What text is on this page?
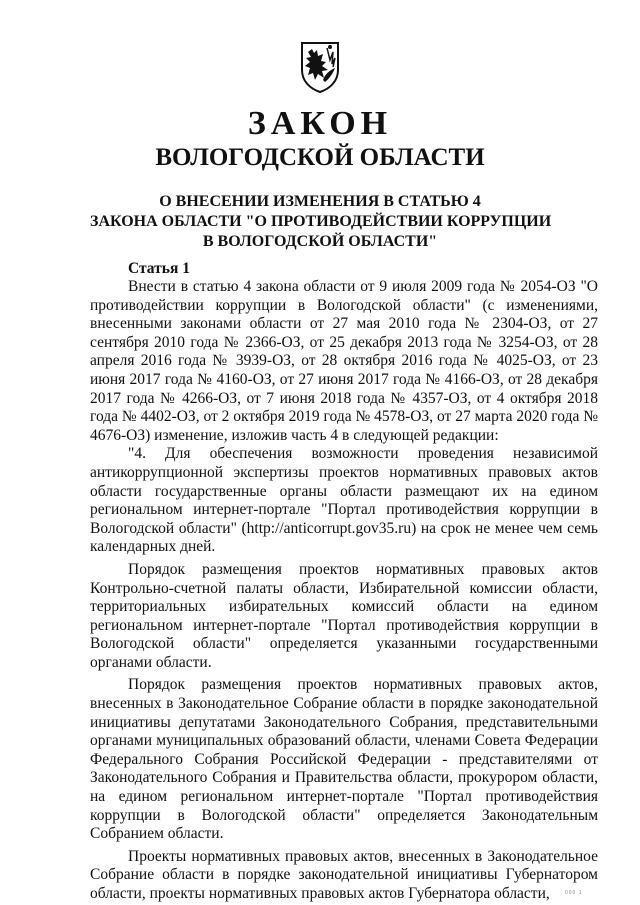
ЗАКОН
ВОЛОГОДСКОЙ ОБЛАСТИ
О ВНЕСЕНИИ ИЗМЕНЕНИЯ В СТАТЬЮ 4
ЗАКОНА ОБЛАСТИ "О ПРОТИВОДЕЙСТВИИ КОРРУПЦИИ
В ВОЛОГОДСКОЙ ОБЛАСТИ"
Статья 1

Внести в статью 4 закона области от 9 июля 2009 года № 2054-ОЗ "О противодействии коррупции в Вологодской области" (с изменениями, внесенными законами области от 27 мая 2010 года № 2304-ОЗ, от 27 сентября 2010 года № 2366-ОЗ, от 25 декабря 2013 года № 3254-ОЗ, от 28 апреля 2016 года № 3939-ОЗ, от 28 октября 2016 года № 4025-ОЗ, от 23 июня 2017 года № 4160-ОЗ, от 27 июня 2017 года № 4166-ОЗ, от 28 декабря 2017 года № 4266-ОЗ, от 7 июня 2018 года № 4357-ОЗ, от 4 октября 2018 года № 4402-ОЗ, от 2 октября 2019 года № 4578-ОЗ, от 27 марта 2020 года № 4676-ОЗ) изменение, изложив часть 4 в следующей редакции:

"4. Для обеспечения возможности проведения независимой антикоррупционной экспертизы проектов нормативных правовых актов области государственные органы области размещают их на едином региональном интернет-портале "Портал противодействия коррупции в Вологодской области" (http://anticorrupt.gov35.ru) на срок не менее чем семь календарных дней.

Порядок размещения проектов нормативных правовых актов Контрольно-счетной палаты области, Избирательной комиссии области, территориальных избирательных комиссий области на едином региональном интернет-портале "Портал противодействия коррупции в Вологодской области" определяется указанными государственными органами области.

Порядок размещения проектов нормативных правовых актов, внесенных в Законодательное Собрание области в порядке законодательной инициативы депутатами Законодательного Собрания, представительными органами муниципальных образований области, членами Совета Федерации Федерального Собрания Российской Федерации - представителями от Законодательного Собрания и Правительства области, прокурором области, на едином региональном интернет-портале "Портал противодействия коррупции в Вологодской области" определяется Законодательным Собранием области.

Проекты нормативных правовых актов, внесенных в Законодательное Собрание области в порядке законодательной инициативы Губернатором области, проекты нормативных правовых актов Губернатора области,	000 1
